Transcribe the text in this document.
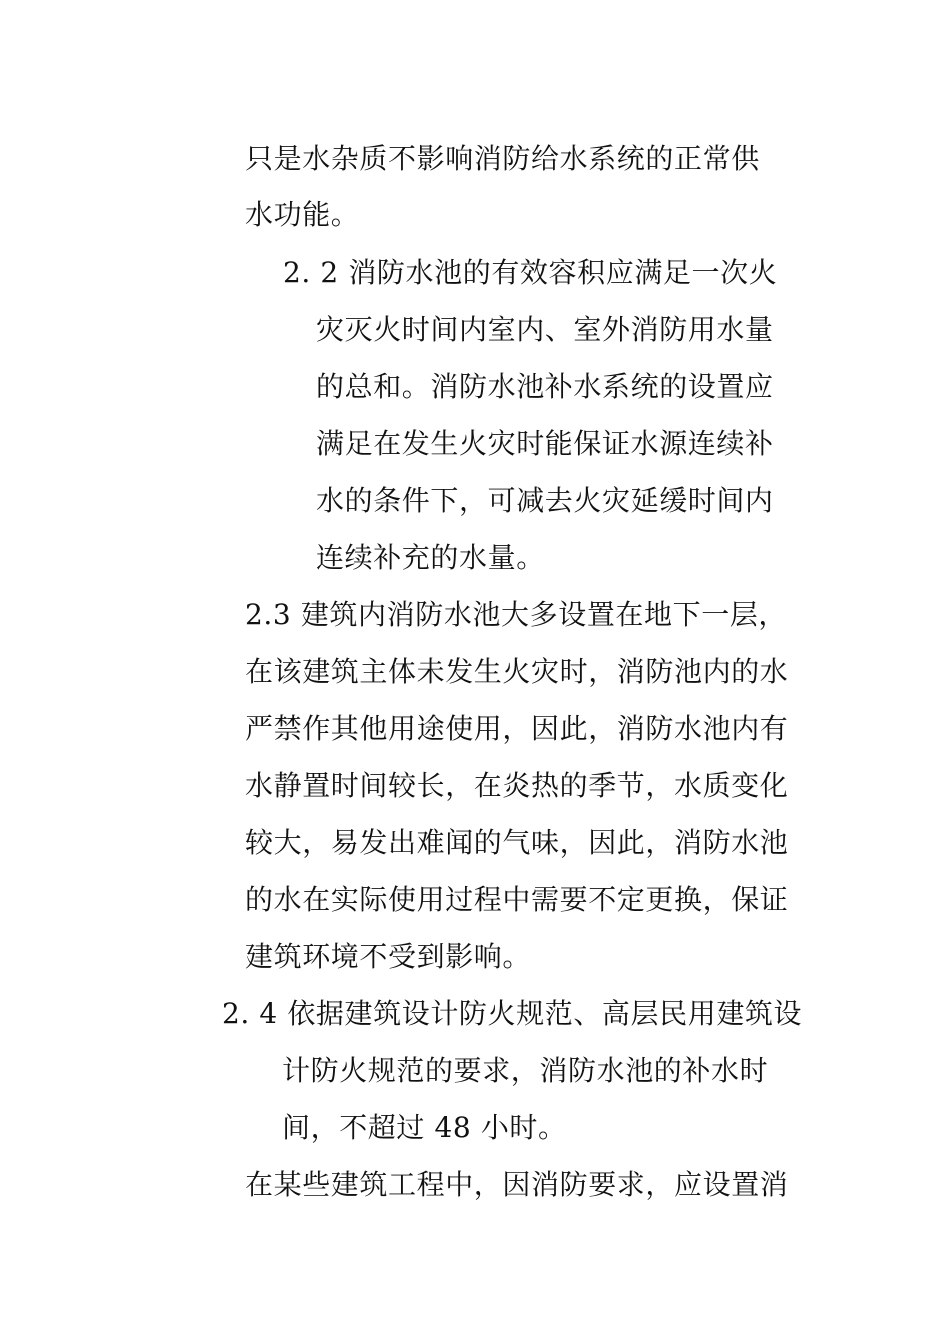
只是水杂质不影响消防给水系统的正常供
水功能。
2. 2 消防水池的有效容积应满足一次火
灾灭火时间内室内、室外消防用水量
的总和。消防水池补水系统的设置应
满足在发生火灾时能保证水源连续补
水的条件下，可减去火灾延缓时间内
连续补充的水量。
2.3 建筑内消防水池大多设置在地下一层，
在该建筑主体未发生火灾时，消防池内的水
严禁作其他用途使用，因此，消防水池内有
水静置时间较长，在炎热的季节，水质变化
较大，易发出难闻的气味，因此，消防水池
的水在实际使用过程中需要不定更换，保证
建筑环境不受到影响。
2. 4 依据建筑设计防火规范、高层民用建筑设
计防火规范的要求，消防水池的补水时
间，不超过 48 小时。
在某些建筑工程中，因消防要求，应设置消
